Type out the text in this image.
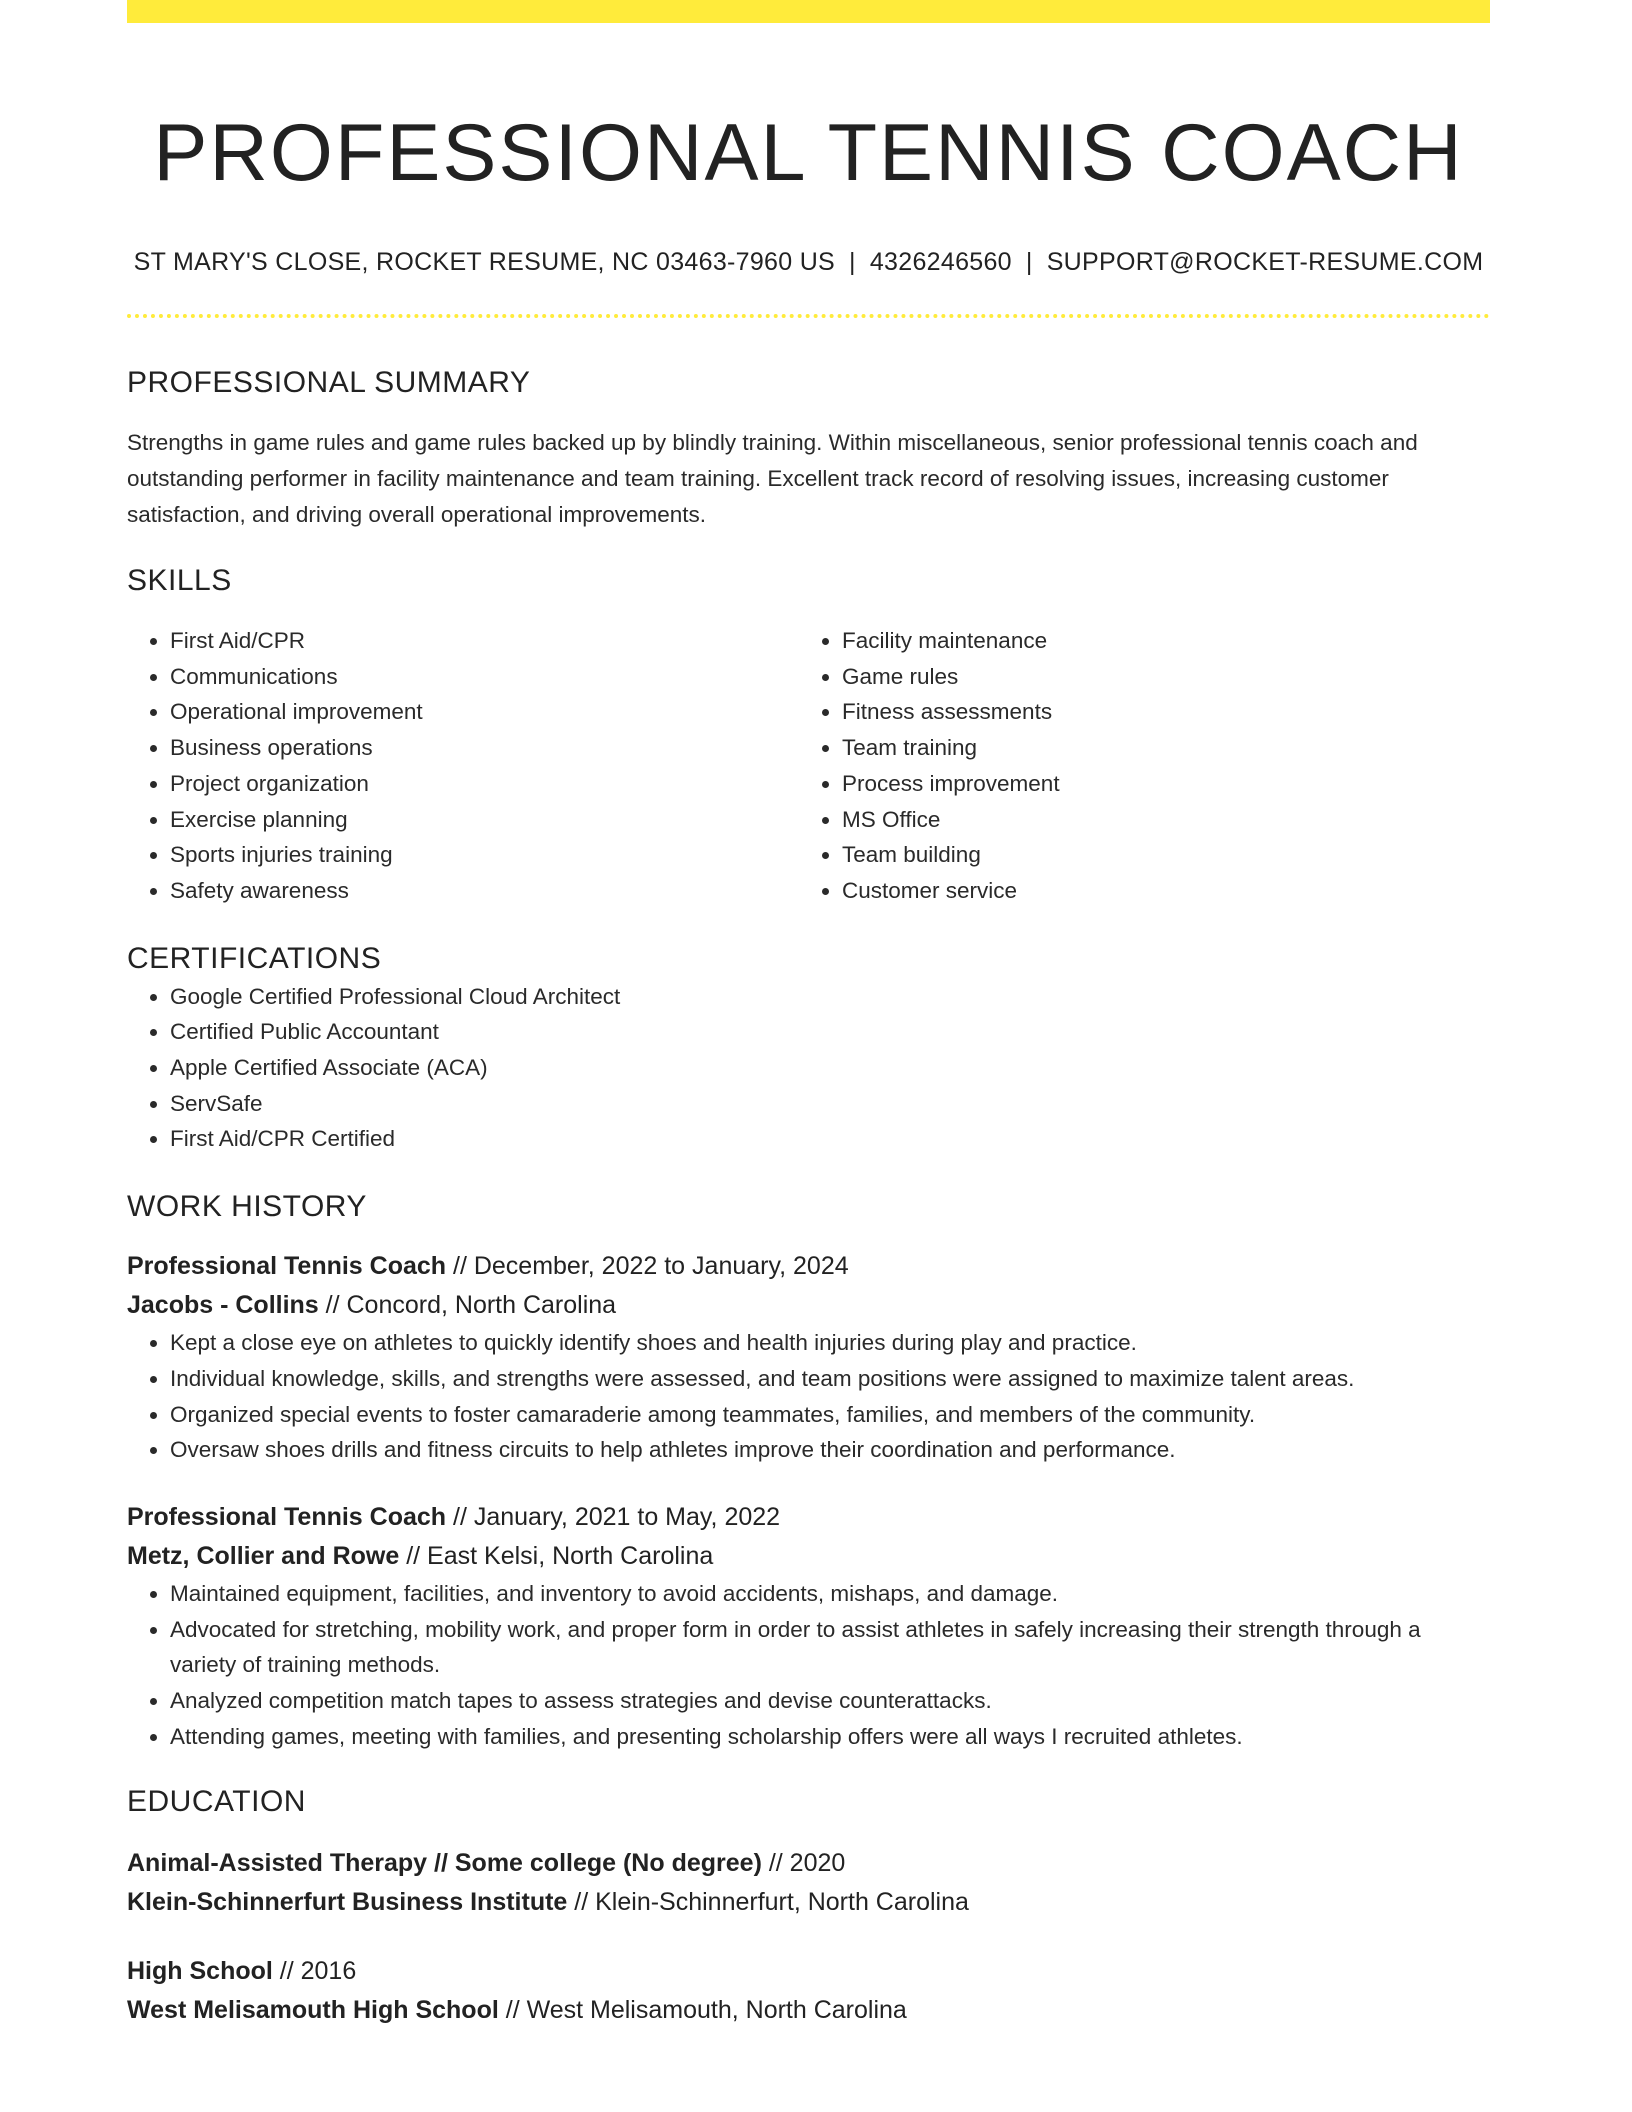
PROFESSIONAL TENNIS COACH
ST MARY'S CLOSE, ROCKET RESUME, NC 03463-7960 US | 4326246560 | SUPPORT@ROCKET-RESUME.COM
PROFESSIONAL SUMMARY
Strengths in game rules and game rules backed up by blindly training. Within miscellaneous, senior professional tennis coach and outstanding performer in facility maintenance and team training. Excellent track record of resolving issues, increasing customer satisfaction, and driving overall operational improvements.
SKILLS
• First Aid/CPR
• Communications
• Operational improvement
• Business operations
• Project organization
• Exercise planning
• Sports injuries training
• Safety awareness
• Facility maintenance
• Game rules
• Fitness assessments
• Team training
• Process improvement
• MS Office
• Team building
• Customer service
CERTIFICATIONS
• Google Certified Professional Cloud Architect
• Certified Public Accountant
• Apple Certified Associate (ACA)
• ServSafe
• First Aid/CPR Certified
WORK HISTORY
Professional Tennis Coach // December, 2022 to January, 2024
Jacobs - Collins // Concord, North Carolina
• Kept a close eye on athletes to quickly identify shoes and health injuries during play and practice.
• Individual knowledge, skills, and strengths were assessed, and team positions were assigned to maximize talent areas.
• Organized special events to foster camaraderie among teammates, families, and members of the community.
• Oversaw shoes drills and fitness circuits to help athletes improve their coordination and performance.
Professional Tennis Coach // January, 2021 to May, 2022
Metz, Collier and Rowe // East Kelsi, North Carolina
• Maintained equipment, facilities, and inventory to avoid accidents, mishaps, and damage.
• Advocated for stretching, mobility work, and proper form in order to assist athletes in safely increasing their strength through a variety of training methods.
• Analyzed competition match tapes to assess strategies and devise counterattacks.
• Attending games, meeting with families, and presenting scholarship offers were all ways I recruited athletes.
EDUCATION
Animal-Assisted Therapy // Some college (No degree) // 2020
Klein-Schinnerfurt Business Institute // Klein-Schinnerfurt, North Carolina
High School // 2016
West Melisamouth High School // West Melisamouth, North Carolina
